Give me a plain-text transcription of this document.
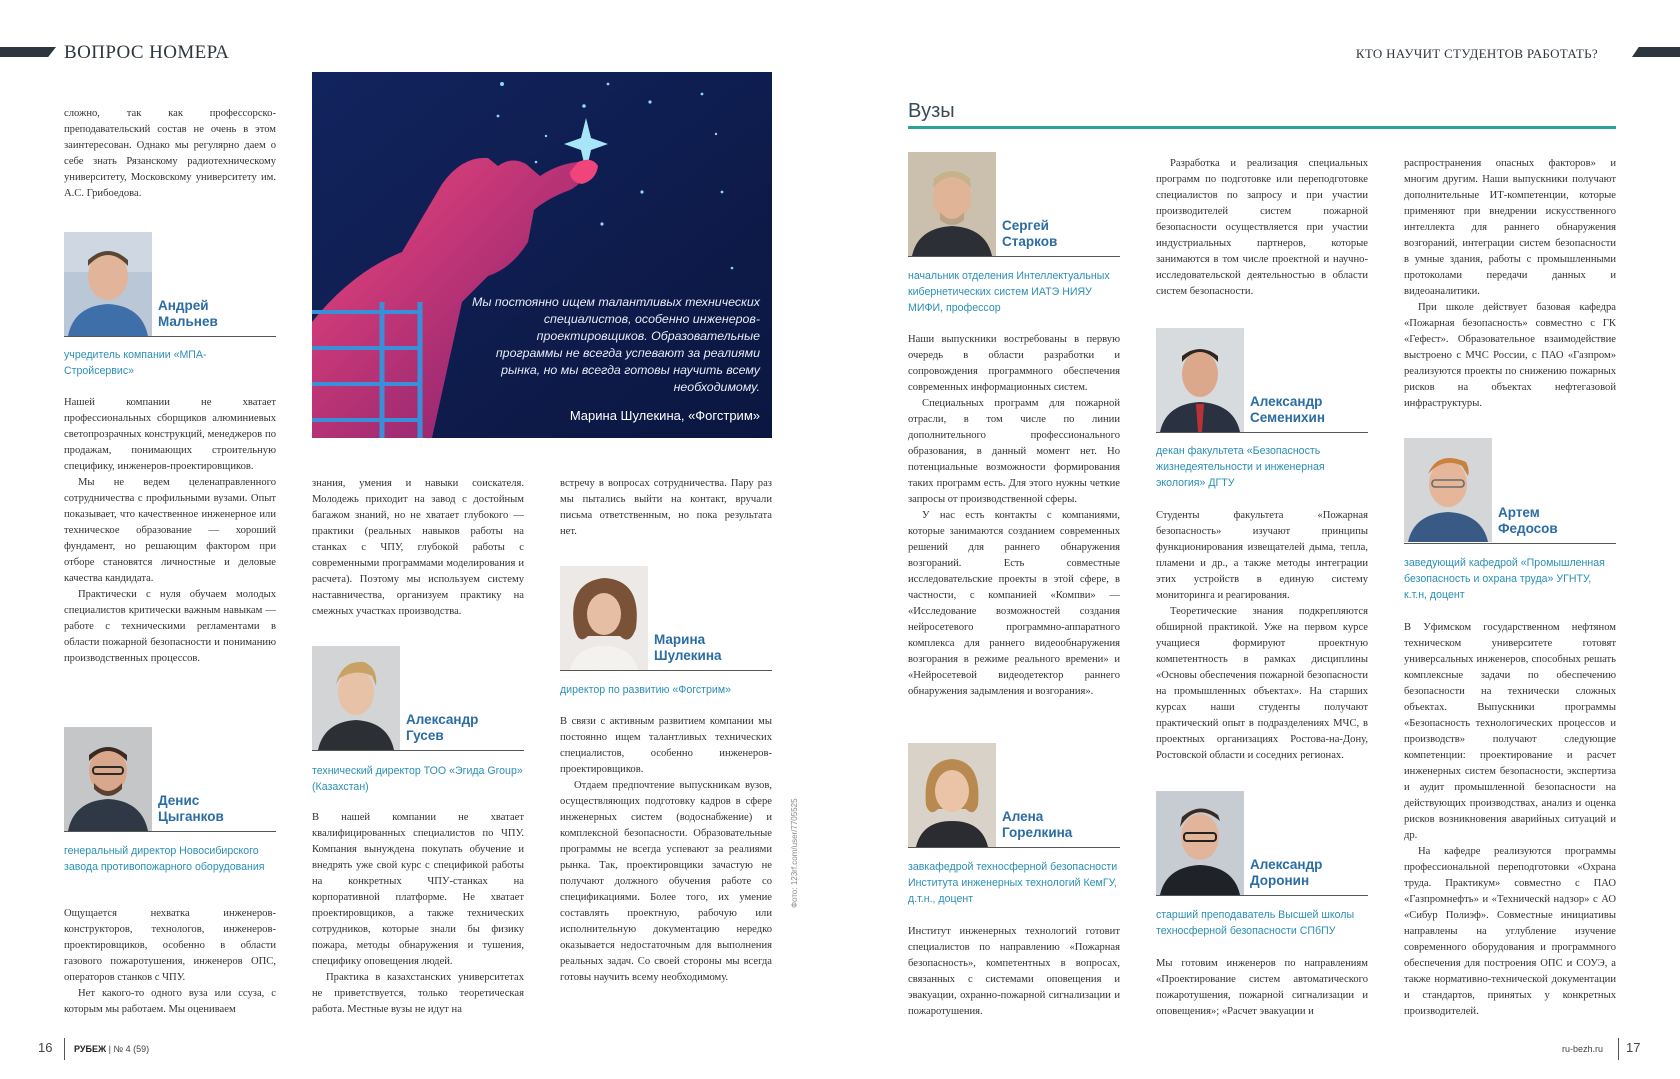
ВОПРОС НОМЕРА	КТО НАУЧИТ СТУДЕНТОВ РАБОТАТЬ?

сложно, так как профессорско-преподавательский состав не очень в этом заинтересован. Однако мы регулярно даем о себе знать Рязанскому радиотехническому университету, Московскому университету им. А.С. Грибоедова.

Андрей
Мальнев
учредитель компании «МПА-Стройсервис»

Нашей компании не хватает профессиональных сборщиков алюминиевых светопрозрачных конструкций, менеджеров по продажам, понимающих строительную специфику, инженеров-проектировщиков.

Мы не ведем целенаправленного сотрудничества с профильными вузами. Опыт показывает, что качественное инженерное или техническое образование — хороший фундамент, но решающим фактором при отборе становятся личностные и деловые качества кандидата.

Практически с нуля обучаем молодых специалистов критически важным навыкам — работе с техническими регламентами в области пожарной безопасности и пониманию производственных процессов.

Денис
Цыганков
генеральный директор Новосибирского завода противопожарного оборудования

Ощущается нехватка инженеров-конструкторов, технологов, инженеров-проектировщиков, особенно в области газового пожаротушения, инженеров ОПС, операторов станков с ЧПУ.

Нет какого-то одного вуза или ссуза, с которым мы работаем. Мы оцениваем

Мы постоянно ищем талантливых технических специалистов, особенно инженеров-проектировщиков. Образовательные программы не всегда успевают за реалиями рынка, но мы всегда готовы научить всему необходимому.
Марина Шулекина, «Фогстрим»

знания, умения и навыки соискателя. Молодежь приходит на завод с достойным багажом знаний, но не хватает глубокого — практики (реальных навыков работы на станках с ЧПУ, глубокой работы с современными программами моделирования и расчета). Поэтому мы используем систему наставничества, организуем практику на смежных участках производства.

Александр
Гусев
технический директор ТОО «Эгида Group» (Казахстан)

В нашей компании не хватает квалифицированных специалистов по ЧПУ. Компания вынуждена покупать обучение и внедрять уже свой курс с спецификой работы на конкретных ЧПУ-станках на корпоративной платформе. Не хватает проектировщиков, а также технических сотрудников, которые знали бы физику пожара, методы обнаружения и тушения, специфику оповещения людей.

Практика в казахстанских университетах не приветствуется, только теоретическая работа. Местные вузы не идут на

встречу в вопросах сотрудничества. Пару раз мы пытались выйти на контакт, вручали письма ответственным, но пока результата нет.

Марина
Шулекина
директор по развитию «Фогстрим»

В связи с активным развитием компании мы постоянно ищем талантливых технических специалистов, особенно инженеров-проектировщиков.

Отдаем предпочтение выпускникам вузов, осуществляющих подготовку кадров в сфере инженерных систем (водоснабжение) и комплексной безопасности. Образовательные программы не всегда успевают за реалиями рынка. Так, проектировщики зачастую не получают должного обучения работе со спецификациями. Более того, их умение составлять проектную, рабочую или исполнительную документацию нередко оказывается недостаточным для выполнения реальных задач. Со своей стороны мы всегда готовы научить всему необходимому.

Фото: 123rf.com/user/7705525
Вузы
Сергей
Старков
начальник отделения Интеллектуальных кибернетических систем ИАТЭ НИЯУ МИФИ, профессор

Наши выпускники востребованы в первую очередь в области разработки и сопровождения программного обеспечения современных информационных систем.

Специальных программ для пожарной отрасли, в том числе по линии дополнительного профессионального образования, в данный момент нет. Но потенциальные возможности формирования таких программ есть. Для этого нужны четкие запросы от производственной сферы.

У нас есть контакты с компаниями, которые занимаются созданием современных решений для раннего обнаружения возгораний. Есть совместные исследовательские проекты в этой сфере, в частности, с компанией «Компви» — «Исследование возможностей создания нейросетевого программно-аппаратного комплекса для раннего видеообнаружения возгорания в режиме реального времени» и «Нейросетевой видеодетектор раннего обнаружения задымления и возгорания».

Алена
Горелкина
завкафедрой техносферной безопасности Института инженерных технологий КемГУ, д.т.н., доцент

Институт инженерных технологий готовит специалистов по направлению «Пожарная безопасность», компетентных в вопросах, связанных с системами оповещения и эвакуации, охранно-пожарной сигнализации и пожаротушения.

Разработка и реализация специальных программ по подготовке или переподготовке специалистов по запросу и при участии производителей систем пожарной безопасности осуществляется при участии индустриальных партнеров, которые занимаются в том числе проектной и научно-исследовательской деятельностью в области систем безопасности.

Александр
Семенихин
декан факультета «Безопасность жизнедеятельности и инженерная экология» ДГТУ

Студенты факультета «Пожарная безопасность» изучают принципы функционирования извещателей дыма, тепла, пламени и др., а также методы интеграции этих устройств в единую систему мониторинга и реагирования.

Теоретические знания подкрепляются обширной практикой. Уже на первом курсе учащиеся формируют проектную компетентность в рамках дисциплины «Основы обеспечения пожарной безопасности на промышленных объектах». На старших курсах наши студенты получают практический опыт в подразделениях МЧС, в проектных организациях Ростова-на-Дону, Ростовской области и соседних регионах.

Александр
Доронин
старший преподаватель Высшей школы техносферной безопасности СПбПУ

Мы готовим инженеров по направлениям «Проектирование систем автоматического пожаротушения, пожарной сигнализации и оповещения»; «Расчет эвакуации и

распространения опасных факторов» и многим другим. Наши выпускники получают дополнительные ИТ-компетенции, которые применяют при внедрении искусственного интеллекта для раннего обнаружения возгораний, интеграции систем безопасности в умные здания, работы с промышленными протоколами передачи данных и видеоаналитики.

При школе действует базовая кафедра «Пожарная безопасность» совместно с ГК «Гефест». Образовательное взаимодействие выстроено с МЧС России, с ПАО «Газпром» реализуются проекты по снижению пожарных рисков на объектах нефтегазовой инфраструктуры.

Артем
Федосов
заведующий кафедрой «Промышленная безопасность и охрана труда» УГНТУ, к.т.н, доцент

В Уфимском государственном нефтяном техническом университете готовят универсальных инженеров, способных решать комплексные задачи по обеспечению безопасности на технически сложных объектах. Выпускники программы «Безопасность технологических процессов и производств» получают следующие компетенции: проектирование и расчет инженерных систем безопасности, экспертиза и аудит промышленной безопасности на действующих производствах, анализ и оценка рисков возникновения аварийных ситуаций и др.

На кафедре реализуются программы профессиональной переподготовки «Охрана труда. Практикум» совместно с ПАО «Газпромнефть» и «Техническй надзор» с АО «Сибур Полиэф». Совместные инициативы направлены на углубление изучение современного оборудования и программного обеспечения для построения ОПС и СОУЭ, а также нормативно-технической документации и стандартов, принятых у конкретных производителей.

16 РУБЕЖ | № 4 (59)	ru-bezh.ru 17
